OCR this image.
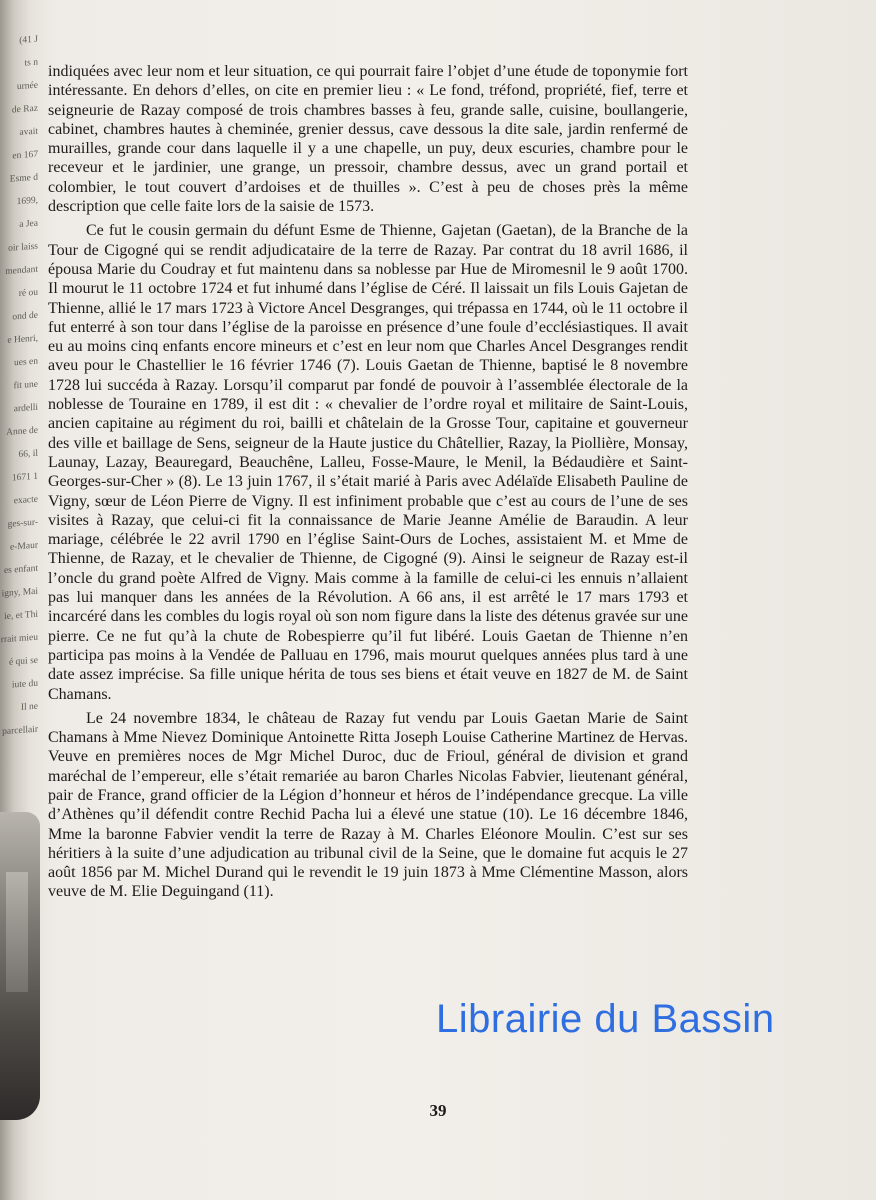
(41 J
ts n
urnée
de Raz
avait
en 167
Esme d
1699,
a Jea
oir laiss
mendant
ré ou
ond de
e Henri,
ues en
fit une
ardelli
Anne de
66, il
1671 1
exacte
ges-sur-
e-Maur
es enfant
igny, Mai
ie, et Thi
rrait mieu
é qui se
iute du
Il ne
parcellair

indiquées avec leur nom et leur situation, ce qui pourrait faire l’objet d’une étude de toponymie fort intéressante. En dehors d’elles, on cite en premier lieu : « Le fond, tréfond, propriété, fief, terre et seigneurie de Razay composé de trois chambres basses à feu, grande salle, cuisine, boullangerie, cabinet, chambres hautes à cheminée, grenier dessus, cave dessous la dite sale, jardin renfermé de murailles, grande cour dans laquelle il y a une chapelle, un puy, deux escuries, chambre pour le receveur et le jardinier, une grange, un pressoir, chambre dessus, avec un grand portail et colombier, le tout couvert d’ardoises et de thuilles ». C’est à peu de choses près la même description que celle faite lors de la saisie de 1573.

Ce fut le cousin germain du défunt Esme de Thienne, Gajetan (Gaetan), de la Branche de la Tour de Cigogné qui se rendit adjudicataire de la terre de Razay. Par contrat du 18 avril 1686, il épousa Marie du Coudray et fut maintenu dans sa noblesse par Hue de Miromesnil le 9 août 1700. Il mourut le 11 octobre 1724 et fut inhumé dans l’église de Céré. Il laissait un fils Louis Gajetan de Thienne, allié le 17 mars 1723 à Victore Ancel Desgranges, qui trépassa en 1744, où le 11 octobre il fut enterré à son tour dans l’église de la paroisse en présence d’une foule d’ecclésiastiques. Il avait eu au moins cinq enfants encore mineurs et c’est en leur nom que Charles Ancel Desgranges rendit aveu pour le Chastellier le 16 février 1746 (7). Louis Gaetan de Thienne, baptisé le 8 novembre 1728 lui succéda à Razay. Lorsqu’il comparut par fondé de pouvoir à l’assemblée électorale de la noblesse de Touraine en 1789, il est dit : « chevalier de l’ordre royal et militaire de Saint-Louis, ancien capitaine au régiment du roi, bailli et châtelain de la Grosse Tour, capitaine et gouverneur des ville et baillage de Sens, seigneur de la Haute justice du Châtellier, Razay, la Piollière, Monsay, Launay, Lazay, Beauregard, Beauchêne, Lalleu, Fosse-Maure, le Menil, la Bédaudière et Saint-Georges-sur-Cher » (8). Le 13 juin 1767, il s’était marié à Paris avec Adélaïde Elisabeth Pauline de Vigny, sœur de Léon Pierre de Vigny. Il est infiniment probable que c’est au cours de l’une de ses visites à Razay, que celui-ci fit la connaissance de Marie Jeanne Amélie de Baraudin. A leur mariage, célébrée le 22 avril 1790 en l’église Saint-Ours de Loches, assistaient M. et Mme de Thienne, de Razay, et le chevalier de Thienne, de Cigogné (9). Ainsi le seigneur de Razay est-il l’oncle du grand poète Alfred de Vigny. Mais comme à la famille de celui-ci les ennuis n’allaient pas lui manquer dans les années de la Révolution. A 66 ans, il est arrêté le 17 mars 1793 et incarcéré dans les combles du logis royal où son nom figure dans la liste des détenus gravée sur une pierre. Ce ne fut qu’à la chute de Robespierre qu’il fut libéré. Louis Gaetan de Thienne n’en participa pas moins à la Vendée de Palluau en 1796, mais mourut quelques années plus tard à une date assez imprécise. Sa fille unique hérita de tous ses biens et était veuve en 1827 de M. de Saint Chamans.

Le 24 novembre 1834, le château de Razay fut vendu par Louis Gaetan Marie de Saint Chamans à Mme Nievez Dominique Antoinette Ritta Joseph Louise Catherine Martinez de Hervas. Veuve en premières noces de Mgr Michel Duroc, duc de Frioul, général de division et grand maréchal de l’empereur, elle s’était remariée au baron Charles Nicolas Fabvier, lieutenant général, pair de France, grand officier de la Légion d’honneur et héros de l’indépendance grecque. La ville d’Athènes qu’il défendit contre Rechid Pacha lui a élevé une statue (10). Le 16 décembre 1846, Mme la baronne Fabvier vendit la terre de Razay à M. Charles Eléonore Moulin. C’est sur ses héritiers à la suite d’une adjudication au tribunal civil de la Seine, que le domaine fut acquis le 27 août 1856 par M. Michel Durand qui le revendit le 19 juin 1873 à Mme Clémentine Masson, alors veuve de M. Elie Deguingand (11).

39
Librairie du Bassin
